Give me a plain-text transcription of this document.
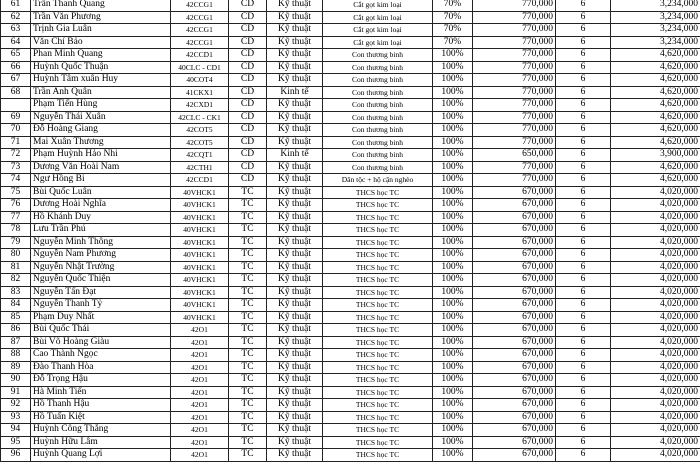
61	Trần Thanh Quang	42CCG1	CD	Kỹ thuật	Cắt gọt kim loại	70%	770,000	6	3,234,000
62	Trần Văn Phương	42CCG1	CD	Kỹ thuật	Cắt gọt kim loại	70%	770,000	6	3,234,000
63	Trịnh Gia Luân	42CCG1	CD	Kỹ thuật	Cắt gọt kim loại	70%	770,000	6	3,234,000
64	Văn Chí Bảo	42CCG1	CD	Kỹ thuật	Cắt gọt kim loại	70%	770,000	6	3,234,000
65	Phan Minh Quang	42CCD1	CD	Kỹ thuật	Con thương binh	100%	770,000	6	4,620,000
66	Huỳnh Quốc Thuận	40CLC - CD1	CD	Kỹ thuật	Con thương binh	100%	770,000	6	4,620,000
67	Huỳnh Tâm xuân Huy	40COT4	CD	Kỹ thuật	Con thương binh	100%	770,000	6	4,620,000
68	Trần Anh Quân	41CKX1	CD	Kinh tế	Con thương binh	100%	770,000	6	4,620,000
	Phạm Tiến Hùng	42CXD1	CD	Kỹ thuật	Con thương binh	100%	770,000	6	4,620,000
69	Nguyễn Thái Xuân	42CLC - CK1	CD	Kỹ thuật	Con thương binh	100%	770,000	6	4,620,000
70	Đỗ Hoàng Giang	42COT5	CD	Kỹ thuật	Con thương binh	100%	770,000	6	4,620,000
71	Mai Xuân Thương	42COT5	CD	Kỹ thuật	Con thương binh	100%	770,000	6	4,620,000
72	Phạm Huỳnh Hảo Nhi	42CQT1	CD	Kinh tế	Con thương binh	100%	650,000	6	3,900,000
73	Dương Văn Hoài Nam	42CTH1	CD	Kỹ thuật	Con thương binh	100%	770,000	6	4,620,000
74	Ngư Hồng Bi	42CCD1	CD	Kỹ thuật	Dân tộc + hộ cận nghèo	100%	770,000	6	4,620,000
75	Bùi Quốc Luân	40VHCK1	TC	Kỹ thuật	THCS học TC	100%	670,000	6	4,020,000
76	Dương Hoài Nghĩa	40VHCK1	TC	Kỹ thuật	THCS học TC	100%	670,000	6	4,020,000
77	Hồ Khánh Duy	40VHCK1	TC	Kỹ thuật	THCS học TC	100%	670,000	6	4,020,000
78	Lưu Trần Phú	40VHCK1	TC	Kỹ thuật	THCS học TC	100%	670,000	6	4,020,000
79	Nguyễn Minh Thông	40VHCK1	TC	Kỹ thuật	THCS học TC	100%	670,000	6	4,020,000
80	Nguyễn Nam Phương	40VHCK1	TC	Kỹ thuật	THCS học TC	100%	670,000	6	4,020,000
81	Nguyễn Nhật Trường	40VHCK1	TC	Kỹ thuật	THCS học TC	100%	670,000	6	4,020,000
82	Nguyễn Quốc Thiện	40VHCK1	TC	Kỹ thuật	THCS học TC	100%	670,000	6	4,020,000
83	Nguyễn Tấn Đạt	40VHCK1	TC	Kỹ thuật	THCS học TC	100%	670,000	6	4,020,000
84	Nguyễn Thanh Tỷ	40VHCK1	TC	Kỹ thuật	THCS học TC	100%	670,000	6	4,020,000
85	Phạm Duy Nhất	40VHCK1	TC	Kỹ thuật	THCS học TC	100%	670,000	6	4,020,000
86	Bùi Quốc Thái	42O1	TC	Kỹ thuật	THCS học TC	100%	670,000	6	4,020,000
87	Bùi Võ Hoàng Giàu	42O1	TC	Kỹ thuật	THCS học TC	100%	670,000	6	4,020,000
88	Cao Thành Ngọc	42O1	TC	Kỹ thuật	THCS học TC	100%	670,000	6	4,020,000
89	Đào Thanh Hòa	42O1	TC	Kỹ thuật	THCS học TC	100%	670,000	6	4,020,000
90	Đỗ Trọng Hậu	42O1	TC	Kỹ thuật	THCS học TC	100%	670,000	6	4,020,000
91	Hà Minh Tiến	42O1	TC	Kỹ thuật	THCS học TC	100%	670,000	6	4,020,000
92	Hồ Thanh Hậu	42O1	TC	Kỹ thuật	THCS học TC	100%	670,000	6	4,020,000
93	Hồ Tuấn Kiệt	42O1	TC	Kỹ thuật	THCS học TC	100%	670,000	6	4,020,000
94	Huỳnh Công Thắng	42O1	TC	Kỹ thuật	THCS học TC	100%	670,000	6	4,020,000
95	Huỳnh Hữu Lâm	42O1	TC	Kỹ thuật	THCS học TC	100%	670,000	6	4,020,000
96	Huỳnh Quang Lợi	42O1	TC	Kỹ thuật	THCS học TC	100%	670,000	6	4,020,000
